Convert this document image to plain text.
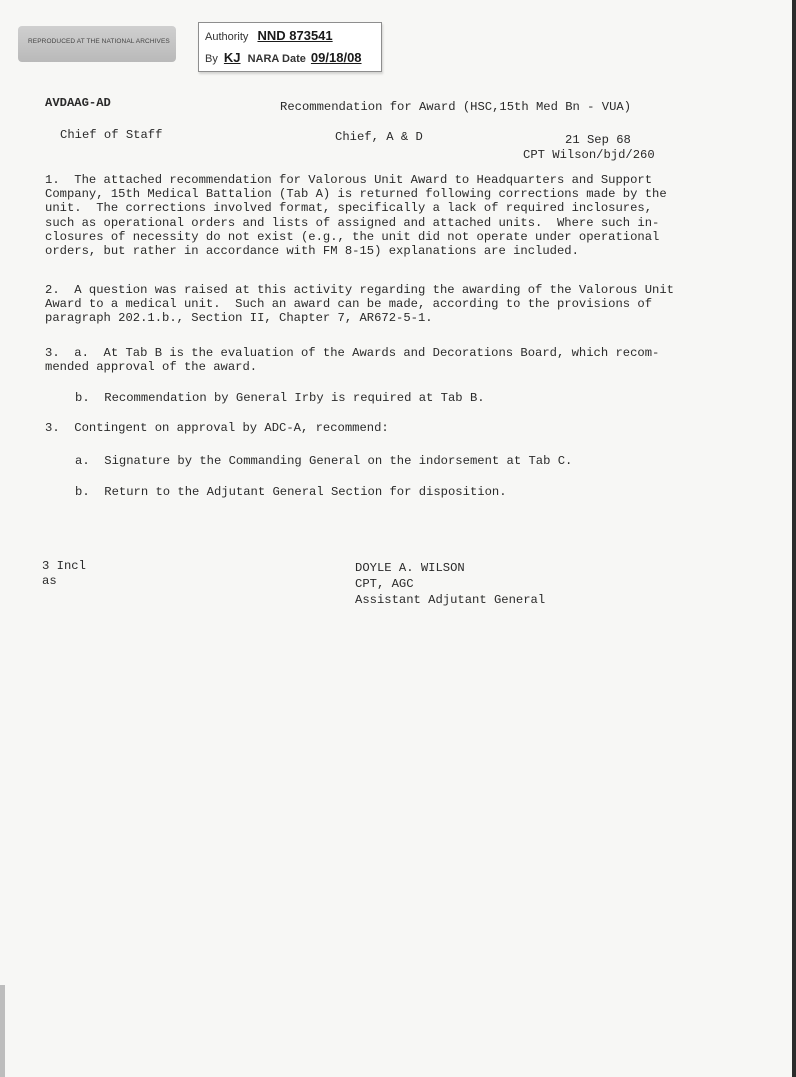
REPRODUCED AT THE NATIONAL ARCHIVES	Authority NND 873541
By KJ NARA Date 09/18/08
AVDAAG-AD	Recommendation for Award (HSC,15th Med Bn - VUA)
Chief of Staff	Chief, A & D	21 Sep 68
CPT Wilson/bjd/260
1.  The attached recommendation for Valorous Unit Award to Headquarters and Support
Company, 15th Medical Battalion (Tab A) is returned following corrections made by the
unit.  The corrections involved format, specifically a lack of required inclosures,
such as operational orders and lists of assigned and attached units.  Where such in-
closures of necessity do not exist (e.g., the unit did not operate under operational
orders, but rather in accordance with FM 8-15) explanations are included.
2.  A question was raised at this activity regarding the awarding of the Valorous Unit
Award to a medical unit.  Such an award can be made, according to the provisions of
paragraph 202.1.b., Section II, Chapter 7, AR672-5-1.
3.  a.  At Tab B is the evaluation of the Awards and Decorations Board, which recom-
mended approval of the award.
b.  Recommendation by General Irby is required at Tab B.
3.  Contingent on approval by ADC-A, recommend:
a.  Signature by the Commanding General on the indorsement at Tab C.
b.  Return to the Adjutant General Section for disposition.
3 Incl
as
DOYLE A. WILSON
CPT, AGC
Assistant Adjutant General
